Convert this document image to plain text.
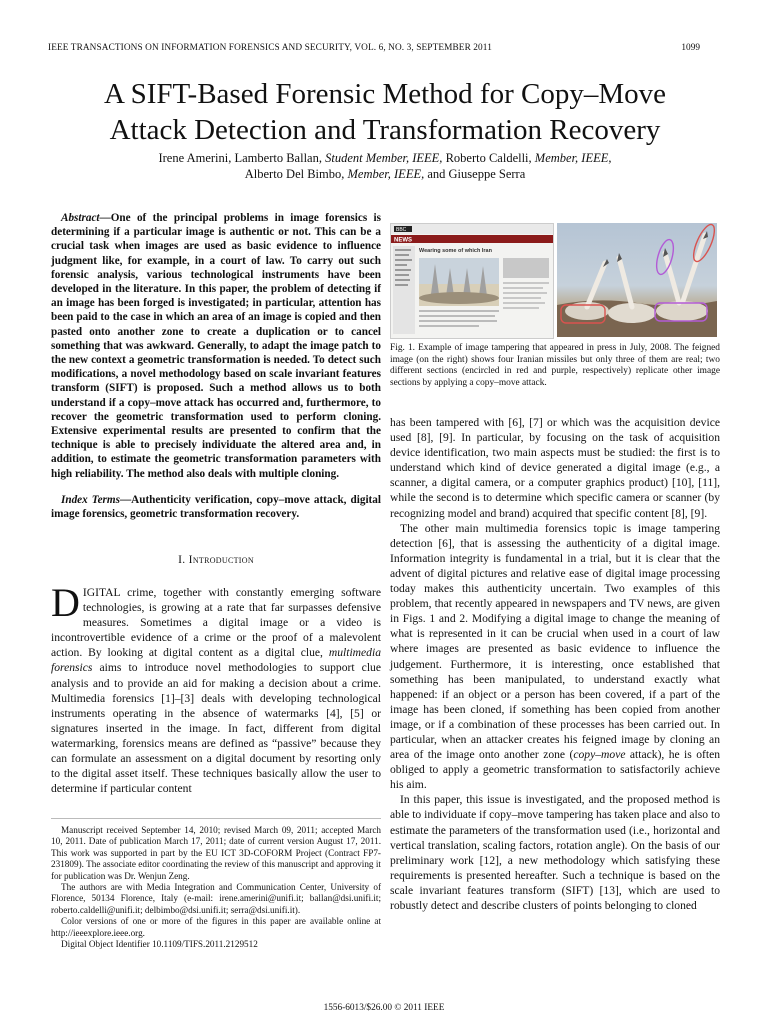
IEEE TRANSACTIONS ON INFORMATION FORENSICS AND SECURITY, VOL. 6, NO. 3, SEPTEMBER 2011	1099
A SIFT-Based Forensic Method for Copy–Move
Attack Detection and Transformation Recovery
Irene Amerini, Lamberto Ballan, Student Member, IEEE, Roberto Caldelli, Member, IEEE,
Alberto Del Bimbo, Member, IEEE, and Giuseppe Serra
Abstract—One of the principal problems in image forensics is determining if a particular image is authentic or not. This can be a crucial task when images are used as basic evidence to influence judgment like, for example, in a court of law. To carry out such forensic analysis, various technological instruments have been developed in the literature. In this paper, the problem of detecting if an image has been forged is investigated; in particular, attention has been paid to the case in which an area of an image is copied and then pasted onto another zone to create a duplication or to cancel something that was awkward. Generally, to adapt the image patch to the new context a geometric transformation is needed. To detect such modifications, a novel methodology based on scale invariant features transform (SIFT) is proposed. Such a method allows us to both understand if a copy–move attack has occurred and, furthermore, to recover the geometric transformation used to perform cloning. Extensive experimental results are presented to confirm that the technique is able to precisely individuate the altered area and, in addition, to estimate the geometric transformation parameters with high reliability. The method also deals with multiple cloning.
Index Terms—Authenticity verification, copy–move attack, digital image forensics, geometric transformation recovery.
I. Introduction
DIGITAL crime, together with constantly emerging software technologies, is growing at a rate that far surpasses defensive measures. Sometimes a digital image or a video is incontrovertible evidence of a crime or the proof of a malevolent action. By looking at digital content as a digital clue, multimedia forensics aims to introduce novel methodologies to support clue analysis and to provide an aid for making a decision about a crime. Multimedia forensics [1]–[3] deals with developing technological instruments operating in the absence of watermarks [4], [5] or signatures inserted in the image. In fact, different from digital watermarking, forensics means are defined as “passive” because they can formulate an assessment on a digital document by resorting only to the digital asset itself. These techniques basically allow the user to determine if particular content

Manuscript received September 14, 2010; revised March 09, 2011; accepted March 10, 2011. Date of publication March 17, 2011; date of current version August 17, 2011. This work was supported in part by the EU ICT 3D-COFORM Project (Contract FP7-231809). The associate editor coordinating the review of this manuscript and approving it for publication was Dr. Wenjun Zeng.

The authors are with Media Integration and Communication Center, University of Florence, 50134 Florence, Italy (e-mail: irene.amerini@unifi.it; ballan@dsi.unifi.it; roberto.caldelli@unifi.it; delbimbo@dsi.unifi.it; serra@dsi.unifi.it).

Color versions of one or more of the figures in this paper are available online at http://ieeexplore.ieee.org.

Digital Object Identifier 10.1109/TIFS.2011.2129512

BBC
NEWS
Wearing some of which Iran
Fig. 1. Example of image tampering that appeared in press in July, 2008. The feigned image (on the right) shows four Iranian missiles but only three of them are real; two different sections (encircled in red and purple, respectively) replicate other image sections by applying a copy–move attack.

has been tampered with [6], [7] or which was the acquisition device used [8], [9]. In particular, by focusing on the task of acquisition device identification, two main aspects must be studied: the first is to understand which kind of device generated a digital image (e.g., a scanner, a digital camera, or a computer graphics product) [10], [11], while the second is to determine which specific camera or scanner (by recognizing model and brand) acquired that specific content [8], [9].

The other main multimedia forensics topic is image tampering detection [6], that is assessing the authenticity of a digital image. Information integrity is fundamental in a trial, but it is clear that the advent of digital pictures and relative ease of digital image processing today makes this authenticity uncertain. Two examples of this problem, that recently appeared in newspapers and TV news, are given in Figs. 1 and 2. Modifying a digital image to change the meaning of what is represented in it can be crucial when used in a court of law where images are presented as basic evidence to influence the judgement. Furthermore, it is interesting, once established that something has been manipulated, to understand exactly what happened: if an object or a person has been covered, if a part of the image has been cloned, if something has been copied from another image, or if a combination of these processes has been carried out. In particular, when an attacker creates his feigned image by cloning an area of the image onto another zone (copy–move attack), he is often obliged to apply a geometric transformation to satisfactorily achieve his aim.

In this paper, this issue is investigated, and the proposed method is able to individuate if copy–move tampering has taken place and also to estimate the parameters of the transformation used (i.e., horizontal and vertical translation, scaling factors, rotation angle). On the basis of our preliminary work [12], a new methodology which satisfying these requirements is presented hereafter. Such a technique is based on the scale invariant features transform (SIFT) [13], which are used to robustly detect and describe clusters of points belonging to cloned

1556-6013/$26.00 © 2011 IEEE
